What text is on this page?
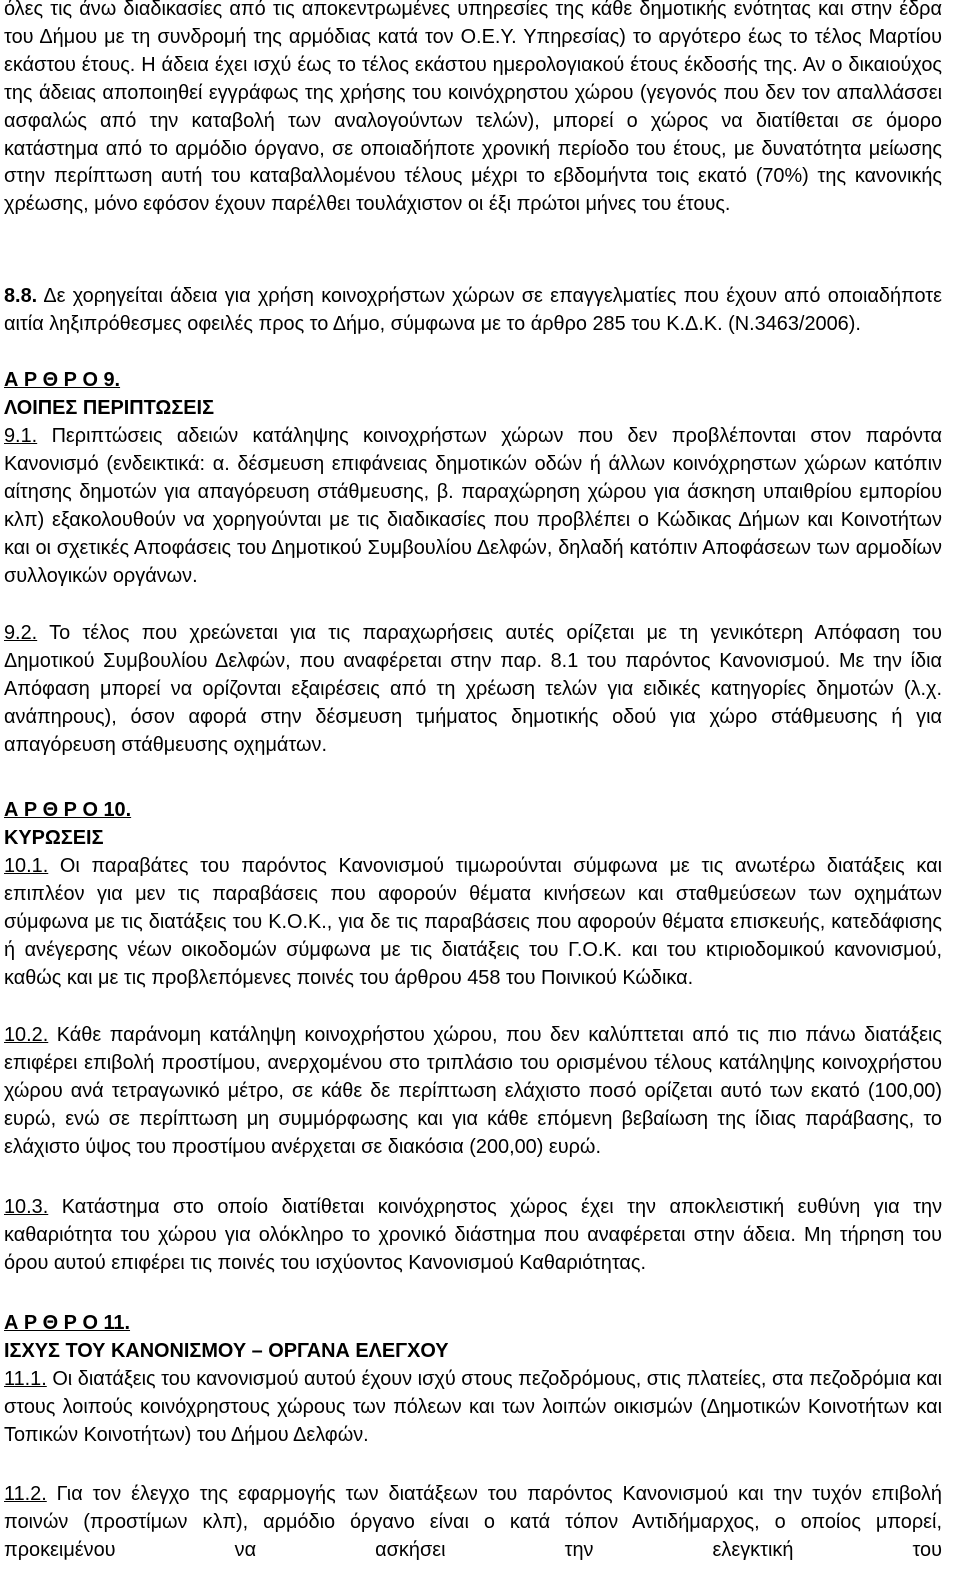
όλες τις άνω διαδικασίες από τις αποκεντρωμένες υπηρεσίες της κάθε δημοτικής ενότητας και στην έδρα του Δήμου με τη συνδρομή της αρμόδιας κατά τον Ο.Ε.Υ. Υπηρεσίας) το αργότερο έως το τέλος Μαρτίου εκάστου έτους. Η άδεια έχει ισχύ έως το τέλος εκάστου ημερολογιακού έτους έκδοσής της. Αν ο δικαιούχος της άδειας αποποιηθεί εγγράφως της χρήσης του κοινόχρηστου χώρου (γεγονός που δεν τον απαλλάσσει ασφαλώς από την καταβολή των αναλογούντων τελών), μπορεί ο χώρος να διατίθεται σε όμορο κατάστημα από το αρμόδιο όργανο, σε οποιαδήποτε χρονική περίοδο του έτους, με δυνατότητα μείωσης στην περίπτωση αυτή του καταβαλλομένου τέλους μέχρι το εβδομήντα τοις εκατό (70%) της κανονικής χρέωσης, μόνο εφόσον έχουν παρέλθει τουλάχιστον οι έξι πρώτοι μήνες του έτους.

8.8. Δε χορηγείται άδεια για χρήση κοινοχρήστων χώρων σε επαγγελματίες που έχουν από οποιαδήποτε αιτία ληξιπρόθεσμες οφειλές προς το Δήμο, σύμφωνα με το άρθρο 285 του Κ.Δ.Κ. (Ν.3463/2006).

Α Ρ Θ Ρ Ο 9.
ΛΟΙΠΕΣ ΠΕΡΙΠΤΩΣΕΙΣ

9.1. Περιπτώσεις αδειών κατάληψης κοινοχρήστων χώρων που δεν προβλέπονται στον παρόντα Κανονισμό (ενδεικτικά: α. δέσμευση επιφάνειας δημοτικών οδών ή άλλων κοινόχρηστων χώρων κατόπιν αίτησης δημοτών για απαγόρευση στάθμευσης, β. παραχώρηση χώρου για άσκηση υπαιθρίου εμπορίου κλπ) εξακολουθούν να χορηγούνται με τις διαδικασίες που προβλέπει ο Κώδικας Δήμων και Κοινοτήτων και οι σχετικές Αποφάσεις του Δημοτικού Συμβουλίου Δελφών, δηλαδή κατόπιν Αποφάσεων των αρμοδίων συλλογικών οργάνων.

9.2. Το τέλος που χρεώνεται για τις παραχωρήσεις αυτές ορίζεται με τη γενικότερη Απόφαση του Δημοτικού Συμβουλίου Δελφών, που αναφέρεται στην παρ. 8.1 του παρόντος Κανονισμού. Με την ίδια Απόφαση μπορεί να ορίζονται εξαιρέσεις από τη χρέωση τελών για ειδικές κατηγορίες δημοτών (λ.χ. ανάπηρους), όσον αφορά στην δέσμευση τμήματος δημοτικής οδού για χώρο στάθμευσης ή για απαγόρευση στάθμευσης οχημάτων.

Α Ρ Θ Ρ Ο 10.
ΚΥΡΩΣΕΙΣ

10.1. Οι παραβάτες του παρόντος Κανονισμού τιμωρούνται σύμφωνα με τις ανωτέρω διατάξεις και επιπλέον για μεν τις παραβάσεις που αφορούν θέματα κινήσεων και σταθμεύσεων των οχημάτων σύμφωνα με τις διατάξεις του Κ.Ο.Κ., για δε τις παραβάσεις που αφορούν θέματα επισκευής, κατεδάφισης ή ανέγερσης νέων οικοδομών σύμφωνα με τις διατάξεις του Γ.Ο.Κ. και του κτιριοδομικού κανονισμού, καθώς και με τις προβλεπόμενες ποινές του άρθρου 458 του Ποινικού Κώδικα.

10.2. Κάθε παράνομη κατάληψη κοινοχρήστου χώρου, που δεν καλύπτεται από τις πιο πάνω διατάξεις επιφέρει επιβολή προστίμου, ανερχομένου στο τριπλάσιο του ορισμένου τέλους κατάληψης κοινοχρήστου χώρου ανά τετραγωνικό μέτρο, σε κάθε δε περίπτωση ελάχιστο ποσό ορίζεται αυτό των εκατό (100,00) ευρώ, ενώ σε περίπτωση μη συμμόρφωσης και για κάθε επόμενη βεβαίωση της ίδιας παράβασης, το ελάχιστο ύψος του προστίμου ανέρχεται σε διακόσια (200,00) ευρώ.

10.3. Κατάστημα στο οποίο διατίθεται κοινόχρηστος χώρος έχει την αποκλειστική ευθύνη για την καθαριότητα του χώρου για ολόκληρο το χρονικό διάστημα που αναφέρεται στην άδεια. Μη τήρηση του όρου αυτού επιφέρει τις ποινές του ισχύοντος Κανονισμού Καθαριότητας.

Α Ρ Θ Ρ Ο 11.
ΙΣΧΥΣ ΤΟΥ ΚΑΝΟΝΙΣΜΟΥ – ΟΡΓΑΝΑ ΕΛΕΓΧΟΥ

11.1. Οι διατάξεις του κανονισμού αυτού έχουν ισχύ στους πεζοδρόμους, στις πλατείες, στα πεζοδρόμια και στους λοιπούς κοινόχρηστους χώρους των πόλεων και των λοιπών οικισμών (Δημοτικών Κοινοτήτων και Τοπικών Κοινοτήτων) του Δήμου Δελφών.

11.2. Για τον έλεγχο της εφαρμογής των διατάξεων του παρόντος Κανονισμού και την τυχόν επιβολή ποινών (προστίμων κλπ), αρμόδιο όργανο είναι ο κατά τόπον Αντιδήμαρχος, ο οποίος μπορεί, προκειμένου να ασκήσει την ελεγκτική του
